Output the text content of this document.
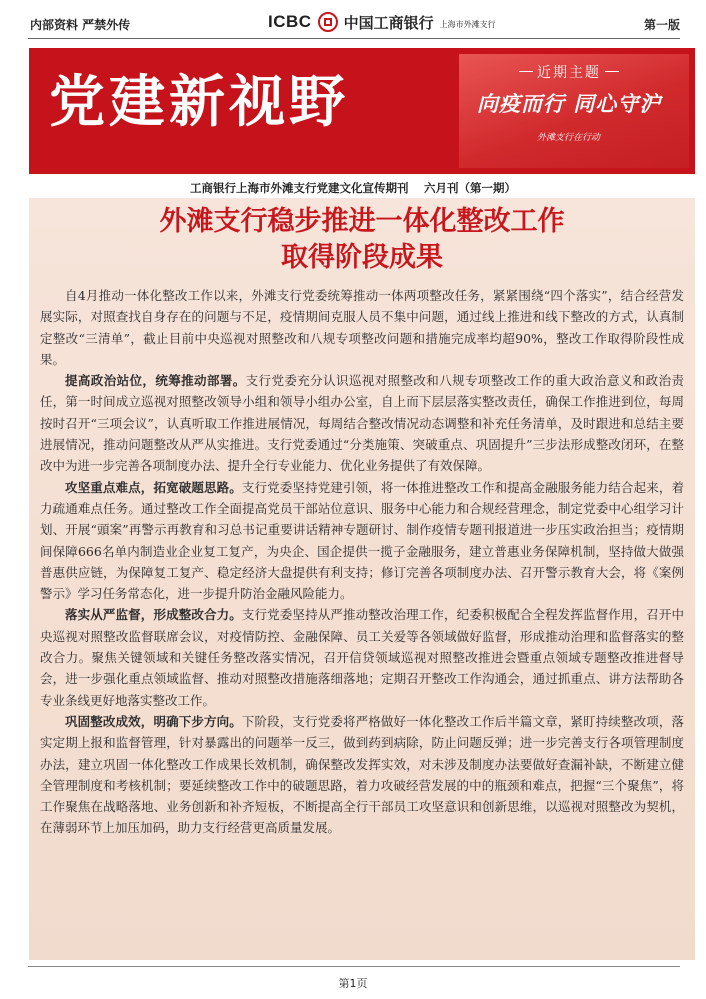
内部资料 严禁外传	ICBC 中国工商银行 上海市外滩支行	第一版
党建新视野	近期主题
向疫而行 同心守沪
外滩支行在行动
工商银行上海市外滩支行党建文化宣传期刊　 六月刊（第一期）
外滩支行稳步推进一体化整改工作
取得阶段成果

自4月推动一体化整改工作以来，外滩支行党委统筹推动一体两项整改任务，紧紧围绕“四个落实”，结合经营发展实际，对照查找自身存在的问题与不足，疫情期间克服人员不集中问题，通过线上推进和线下整改的方式，认真制定整改“三清单”，截止目前中央巡视对照整改和八规专项整改问题和措施完成率均超90%，整改工作取得阶段性成果。

提高政治站位，统筹推动部署。支行党委充分认识巡视对照整改和八规专项整改工作的重大政治意义和政治责任，第一时间成立巡视对照整改领导小组和领导小组办公室，自上而下层层落实整改责任，确保工作推进到位，每周按时召开“三项会议”，认真听取工作推进展情况，每周结合整改情况动态调整和补充任务清单，及时跟进和总结主要进展情况，推动问题整改从严从实推进。支行党委通过“分类施策、突破重点、巩固提升”三步法形成整改闭环，在整改中为进一步完善各项制度办法、提升全行专业能力、优化业务提供了有效保障。

攻坚重点难点，拓宽破题思路。支行党委坚持党建引领，将一体推进整改工作和提高金融服务能力结合起来，着力疏通难点任务。通过整改工作全面提高党员干部站位意识、服务中心能力和合规经营理念，制定党委中心组学习计划、开展“頭案”再警示再教育和习总书记重要讲话精神专题研讨、制作疫情专题刊报道进一步压实政治担当；疫情期间保障666名单内制造业企业复工复产，为央企、国企提供一揽子金融服务，建立普惠业务保障机制，坚持做大做强普惠供应链，为保障复工复产、稳定经济大盘提供有利支持；修订完善各项制度办法、召开警示教育大会，将《案例警示》学习任务常态化，进一步提升防治金融风险能力。

落实从严监督，形成整改合力。支行党委坚持从严推动整改治理工作，纪委积极配合全程发挥监督作用，召开中央巡视对照整改监督联席会议，对疫情防控、金融保障、员工关爱等各领域做好监督，形成推动治理和监督落实的整改合力。聚焦关键领域和关键任务整改落实情况，召开信贷领域巡视对照整改推进会暨重点领域专题整改推进督导会，进一步强化重点领域监督、推动对照整改措施落细落地；定期召开整改工作沟通会，通过抓重点、讲方法帮助各专业条线更好地落实整改工作。

巩固整改成效，明确下步方向。下阶段，支行党委将严格做好一体化整改工作后半篇文章，紧盯持续整改项，落实定期上报和监督管理，针对暴露出的问题举一反三，做到药到病除，防止问题反弹；进一步完善支行各项管理制度办法，建立巩固一体化整改工作成果长效机制，确保整改发挥实效，对未涉及制度办法要做好查漏补缺，不断建立健全管理制度和考核机制；要延续整改工作中的破题思路，着力攻破经营发展的中的瓶颈和难点，把握“三个聚焦”，将工作聚焦在战略落地、业务创新和补齐短板，不断提高全行干部员工攻坚意识和创新思维，以巡视对照整改为契机，在薄弱环节上加压加码，助力支行经营更高质量发展。

第1页
